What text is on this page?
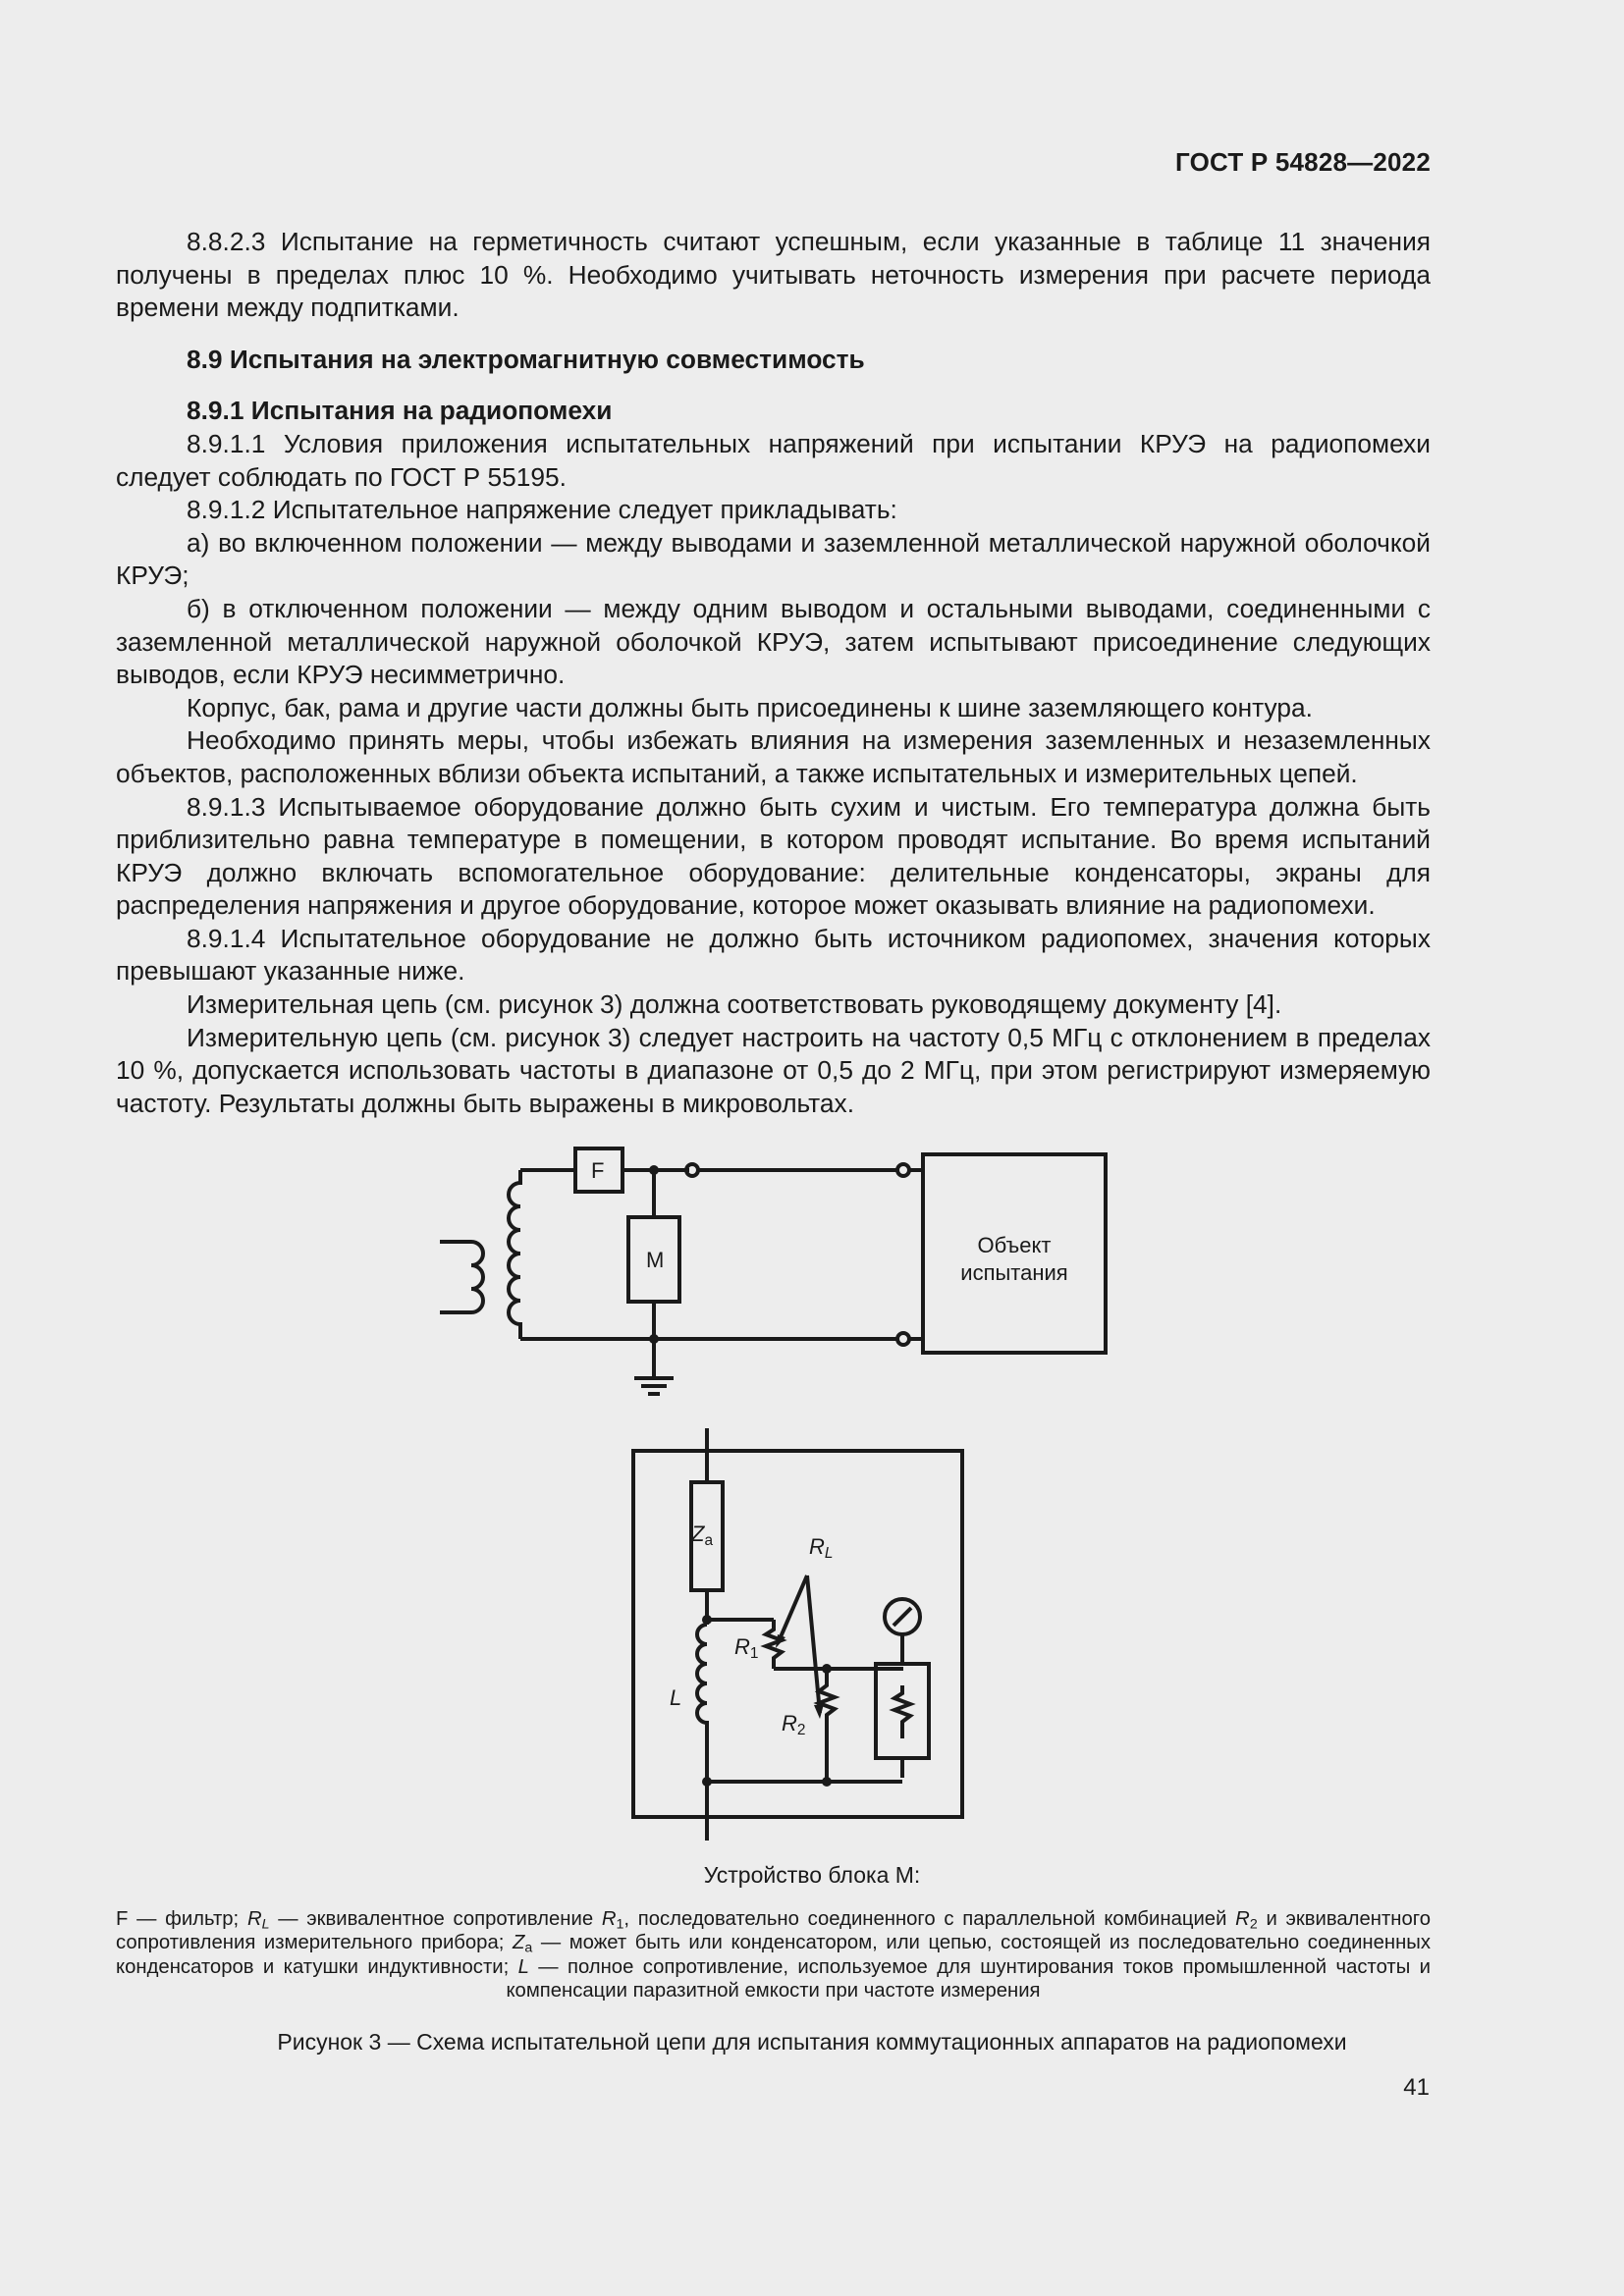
ГОСТ Р 54828—2022

8.8.2.3 Испытание на герметичность считают успешным, если указанные в таблице 11 значения получены в пределах плюс 10 %. Необходимо учитывать неточность измерения при расчете периода времени между подпитками.

8.9 Испытания на электромагнитную совместимость

8.9.1 Испытания на радиопомехи

8.9.1.1 Условия приложения испытательных напряжений при испытании КРУЭ на радиопомехи следует соблюдать по ГОСТ Р 55195.

8.9.1.2 Испытательное напряжение следует прикладывать:

а) во включенном положении — между выводами и заземленной металлической наружной оболочкой КРУЭ;

б) в отключенном положении — между одним выводом и остальными выводами, соединенными с заземленной металлической наружной оболочкой КРУЭ, затем испытывают присоединение следующих выводов, если КРУЭ несимметрично.

Корпус, бак, рама и другие части должны быть присоединены к шине заземляющего контура.

Необходимо принять меры, чтобы избежать влияния на измерения заземленных и незаземленных объектов, расположенных вблизи объекта испытаний, а также испытательных и измерительных цепей.

8.9.1.3 Испытываемое оборудование должно быть сухим и чистым. Его температура должна быть приблизительно равна температуре в помещении, в котором проводят испытание. Во время испытаний КРУЭ должно включать вспомогательное оборудование: делительные конденсаторы, экраны для распределения напряжения и другое оборудование, которое может оказывать влияние на радиопомехи.

8.9.1.4 Испытательное оборудование не должно быть источником радиопомех, значения которых превышают указанные ниже.

Измерительная цепь (см. рисунок 3) должна соответствовать руководящему документу [4].

Измерительную цепь (см. рисунок 3) следует настроить на частоту 0,5 МГц с отклонением в пределах 10 %, допускается использовать частоты в диапазоне от 0,5 до 2 МГц, при этом регистрируют измеряемую частоту. Результаты должны быть выражены в микровольтах.

F
М
Объект
испытания
$Z_a$	$R_L$
$R_1$
$R_2$
L
Устройство блока М:
F — фильтр; $R_L$ — эквивалентное сопротивление $R_1$, последовательно соединенного с параллельной комбинацией $R_2$ и эквивалентного сопротивления измерительного прибора; $Z_a$ — может быть или конденсатором, или цепью, состоящей из последовательно соединенных конденсаторов и катушки индуктивности; L — полное сопротивление, используемое для шунтирования токов промышленной частоты и компенсации паразитной емкости при частоте измерения
Рисунок 3 — Схема испытательной цепи для испытания коммутационных аппаратов на радиопомехи
41
